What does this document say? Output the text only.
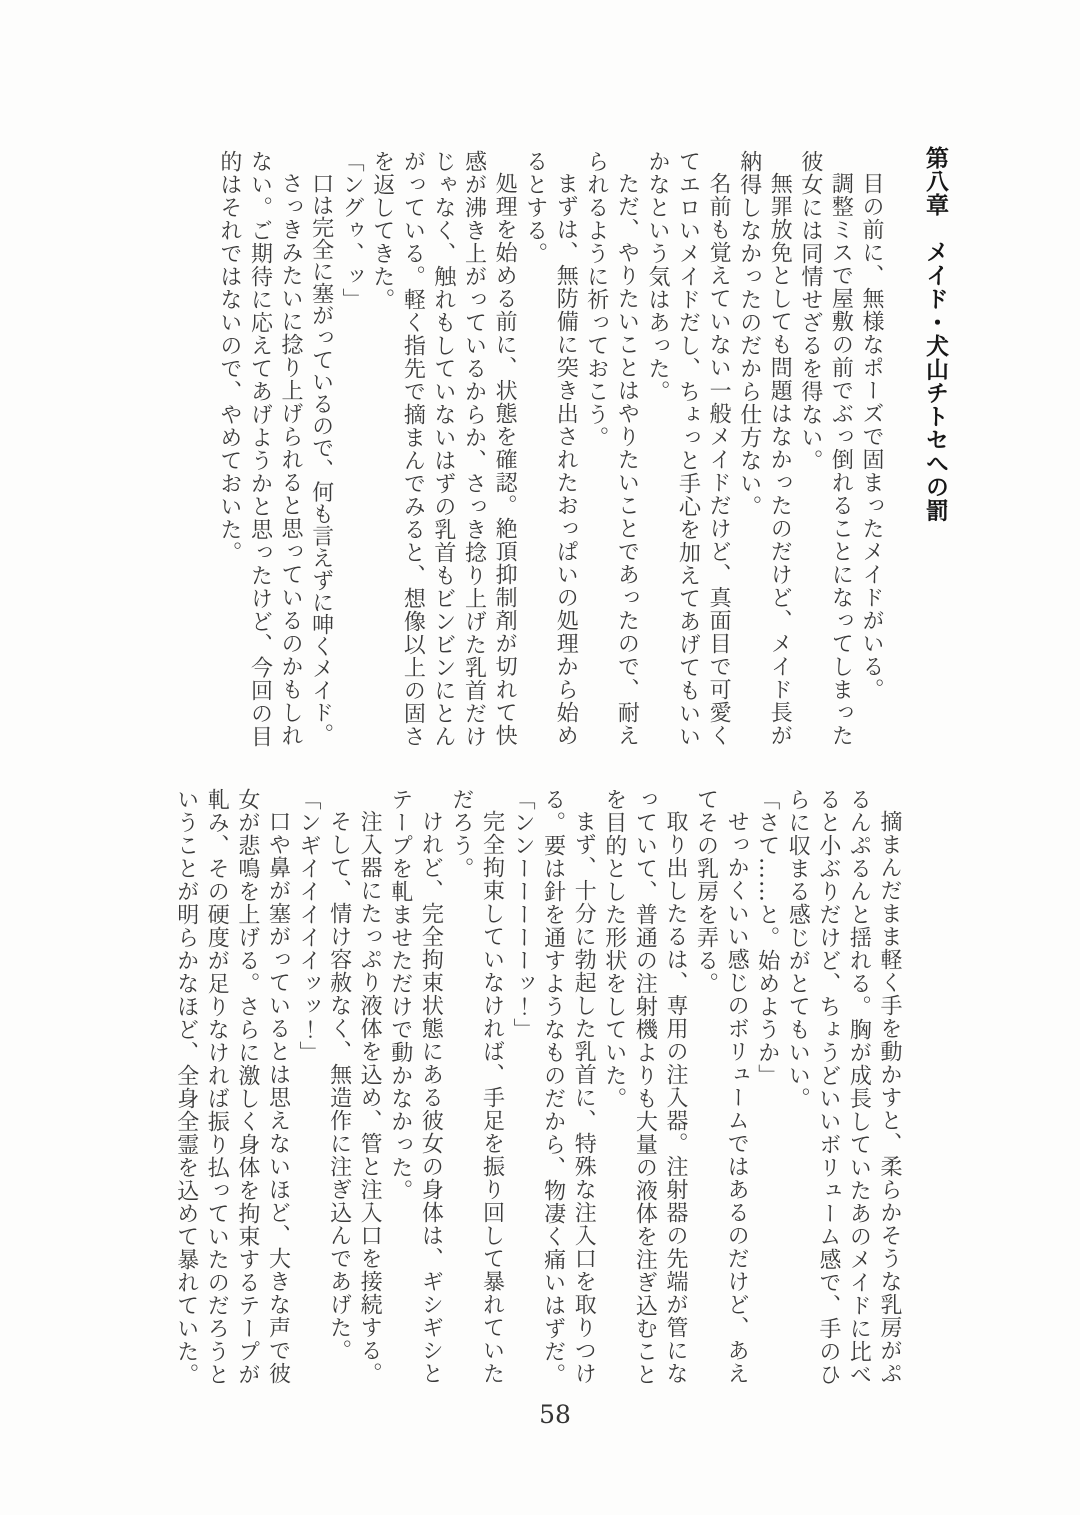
第八章　メイド・犬山チトセへの罰

目の前に、無様なポーズで固まったメイドがいる。

調整ミスで屋敷の前でぶっ倒れることになってしまった彼女には同情せざるを得ない。

無罪放免としても問題はなかったのだけど、メイド長が納得しなかったのだから仕方ない。

名前も覚えていない一般メイドだけど、真面目で可愛くてエロいメイドだし、ちょっと手心を加えてあげてもいいかなという気はあった。

ただ、やりたいことはやりたいことであったので、耐えられるように祈っておこう。

まずは、無防備に突き出されたおっぱいの処理から始めるとする。

処理を始める前に、状態を確認。絶頂抑制剤が切れて快感が沸き上がっているからか、さっき捻り上げた乳首だけじゃなく、触れもしていないはずの乳首もビンビンにとんがっている。軽く指先で摘まんでみると、想像以上の固さを返してきた。

「ングゥ、ッ」

口は完全に塞がっているので、何も言えずに呻くメイド。

さっきみたいに捻り上げられると思っているのかもしれない。ご期待に応えてあげようかと思ったけど、今回の目的はそれではないので、やめておいた。

摘まんだまま軽く手を動かすと、柔らかそうな乳房がぷるんぷるんと揺れる。胸が成長していたあのメイドに比べると小ぶりだけど、ちょうどいいボリューム感で、手のひらに収まる感じがとてもいい。

「さて……と。始めようか」

せっかくいい感じのボリュームではあるのだけど、あえてその乳房を弄る。

取り出したるは、専用の注入器。注射器の先端が管になっていて、普通の注射機よりも大量の液体を注ぎ込むことを目的とした形状をしていた。

まず、十分に勃起した乳首に、特殊な注入口を取りつける。要は針を通すようなものだから、物凄く痛いはずだ。

「ンンーーーーーッ！」

完全拘束していなければ、手足を振り回して暴れていただろう。

けれど、完全拘束状態にある彼女の身体は、ギシギシとテープを軋ませただけで動かなかった。

注入器にたっぷり液体を込め、管と注入口を接続する。

そして、情け容赦なく、無造作に注ぎ込んであげた。

「ンギイイイイイッッ！」

口や鼻が塞がっているとは思えないほど、大きな声で彼女が悲鳴を上げる。さらに激しく身体を拘束するテープが軋み、その硬度が足りなければ振り払っていたのだろうということが明らかなほど、全身全霊を込めて暴れていた。

58
